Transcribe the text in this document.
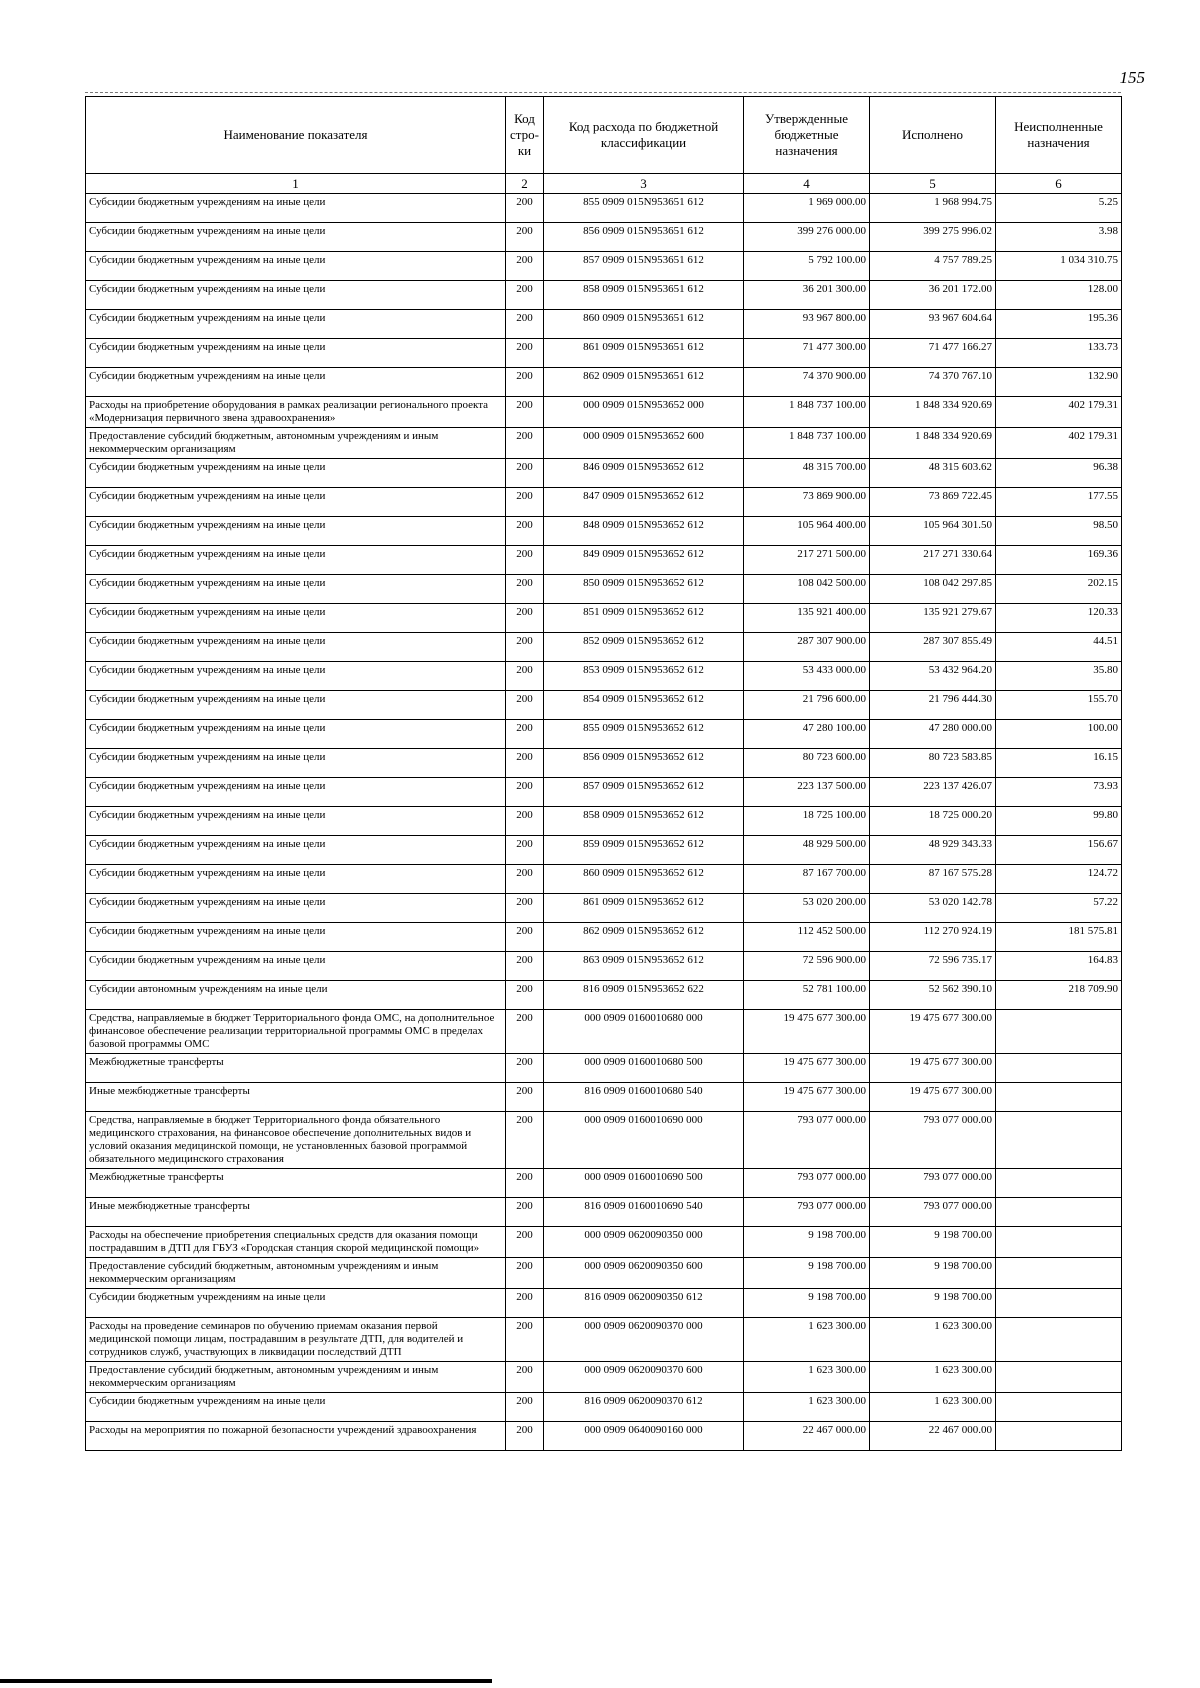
155
Наименование показателя	Код стро-ки	Код расхода по бюджетной классификации	Утвержденные бюджетные назначения	Исполнено	Неисполненные назначения
1	2	3	4	5	6
Субсидии бюджетным учреждениям на иные цели	200	855 0909 015N953651 612	1 969 000.00	1 968 994.75	5.25
Субсидии бюджетным учреждениям на иные цели	200	856 0909 015N953651 612	399 276 000.00	399 275 996.02	3.98
Субсидии бюджетным учреждениям на иные цели	200	857 0909 015N953651 612	5 792 100.00	4 757 789.25	1 034 310.75
Субсидии бюджетным учреждениям на иные цели	200	858 0909 015N953651 612	36 201 300.00	36 201 172.00	128.00
Субсидии бюджетным учреждениям на иные цели	200	860 0909 015N953651 612	93 967 800.00	93 967 604.64	195.36
Субсидии бюджетным учреждениям на иные цели	200	861 0909 015N953651 612	71 477 300.00	71 477 166.27	133.73
Субсидии бюджетным учреждениям на иные цели	200	862 0909 015N953651 612	74 370 900.00	74 370 767.10	132.90
Расходы на приобретение оборудования в рамках реализации регионального проекта «Модернизация первичного звена здравоохранения»	200	000 0909 015N953652 000	1 848 737 100.00	1 848 334 920.69	402 179.31
Предоставление субсидий бюджетным, автономным учреждениям и иным некоммерческим организациям	200	000 0909 015N953652 600	1 848 737 100.00	1 848 334 920.69	402 179.31
Субсидии бюджетным учреждениям на иные цели	200	846 0909 015N953652 612	48 315 700.00	48 315 603.62	96.38
Субсидии бюджетным учреждениям на иные цели	200	847 0909 015N953652 612	73 869 900.00	73 869 722.45	177.55
Субсидии бюджетным учреждениям на иные цели	200	848 0909 015N953652 612	105 964 400.00	105 964 301.50	98.50
Субсидии бюджетным учреждениям на иные цели	200	849 0909 015N953652 612	217 271 500.00	217 271 330.64	169.36
Субсидии бюджетным учреждениям на иные цели	200	850 0909 015N953652 612	108 042 500.00	108 042 297.85	202.15
Субсидии бюджетным учреждениям на иные цели	200	851 0909 015N953652 612	135 921 400.00	135 921 279.67	120.33
Субсидии бюджетным учреждениям на иные цели	200	852 0909 015N953652 612	287 307 900.00	287 307 855.49	44.51
Субсидии бюджетным учреждениям на иные цели	200	853 0909 015N953652 612	53 433 000.00	53 432 964.20	35.80
Субсидии бюджетным учреждениям на иные цели	200	854 0909 015N953652 612	21 796 600.00	21 796 444.30	155.70
Субсидии бюджетным учреждениям на иные цели	200	855 0909 015N953652 612	47 280 100.00	47 280 000.00	100.00
Субсидии бюджетным учреждениям на иные цели	200	856 0909 015N953652 612	80 723 600.00	80 723 583.85	16.15
Субсидии бюджетным учреждениям на иные цели	200	857 0909 015N953652 612	223 137 500.00	223 137 426.07	73.93
Субсидии бюджетным учреждениям на иные цели	200	858 0909 015N953652 612	18 725 100.00	18 725 000.20	99.80
Субсидии бюджетным учреждениям на иные цели	200	859 0909 015N953652 612	48 929 500.00	48 929 343.33	156.67
Субсидии бюджетным учреждениям на иные цели	200	860 0909 015N953652 612	87 167 700.00	87 167 575.28	124.72
Субсидии бюджетным учреждениям на иные цели	200	861 0909 015N953652 612	53 020 200.00	53 020 142.78	57.22
Субсидии бюджетным учреждениям на иные цели	200	862 0909 015N953652 612	112 452 500.00	112 270 924.19	181 575.81
Субсидии бюджетным учреждениям на иные цели	200	863 0909 015N953652 612	72 596 900.00	72 596 735.17	164.83
Субсидии автономным учреждениям на иные цели	200	816 0909 015N953652 622	52 781 100.00	52 562 390.10	218 709.90
Средства, направляемые в бюджет Территориального фонда ОМС, на дополнительное финансовое обеспечение реализации территориальной программы ОМС в пределах базовой программы ОМС	200	000 0909 0160010680 000	19 475 677 300.00	19 475 677 300.00	
Межбюджетные трансферты	200	000 0909 0160010680 500	19 475 677 300.00	19 475 677 300.00	
Иные межбюджетные трансферты	200	816 0909 0160010680 540	19 475 677 300.00	19 475 677 300.00	
Средства, направляемые в бюджет Территориального фонда обязательного медицинского страхования, на финансовое обеспечение дополнительных видов и условий оказания медицинской помощи, не установленных базовой программой обязательного медицинского страхования	200	000 0909 0160010690 000	793 077 000.00	793 077 000.00	
Межбюджетные трансферты	200	000 0909 0160010690 500	793 077 000.00	793 077 000.00	
Иные межбюджетные трансферты	200	816 0909 0160010690 540	793 077 000.00	793 077 000.00	
Расходы на обеспечение приобретения специальных средств для оказания помощи пострадавшим в ДТП для ГБУЗ «Городская станция скорой медицинской помощи»	200	000 0909 0620090350 000	9 198 700.00	9 198 700.00	
Предоставление субсидий бюджетным, автономным учреждениям и иным некоммерческим организациям	200	000 0909 0620090350 600	9 198 700.00	9 198 700.00	
Субсидии бюджетным учреждениям на иные цели	200	816 0909 0620090350 612	9 198 700.00	9 198 700.00	
Расходы на проведение семинаров по обучению приемам оказания первой медицинской помощи лицам, пострадавшим в результате ДТП, для водителей и сотрудников служб, участвующих в ликвидации последствий ДТП	200	000 0909 0620090370 000	1 623 300.00	1 623 300.00	
Предоставление субсидий бюджетным, автономным учреждениям и иным некоммерческим организациям	200	000 0909 0620090370 600	1 623 300.00	1 623 300.00	
Субсидии бюджетным учреждениям на иные цели	200	816 0909 0620090370 612	1 623 300.00	1 623 300.00	
Расходы на мероприятия по пожарной безопасности учреждений здравоохранения	200	000 0909 0640090160 000	22 467 000.00	22 467 000.00	
